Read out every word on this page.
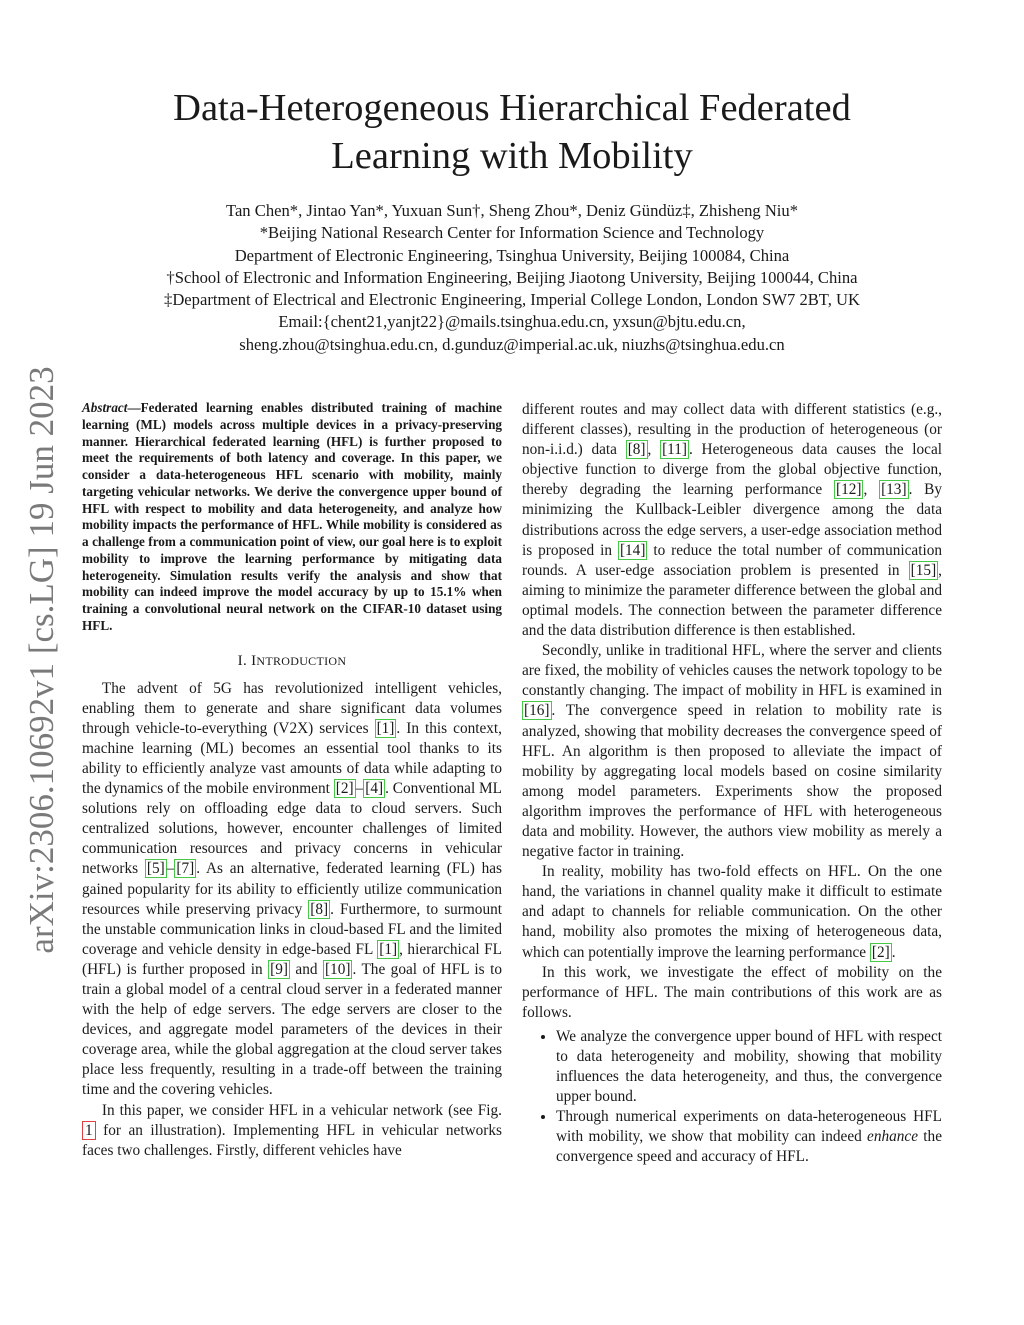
arXiv:2306.10692v1 [cs.LG] 19 Jun 2023
Data-Heterogeneous Hierarchical Federated
Learning with Mobility
Tan Chen*, Jintao Yan*, Yuxuan Sun†, Sheng Zhou*, Deniz Gündüz‡, Zhisheng Niu*
*Beijing National Research Center for Information Science and Technology
Department of Electronic Engineering, Tsinghua University, Beijing 100084, China
†School of Electronic and Information Engineering, Beijing Jiaotong University, Beijing 100044, China
‡Department of Electrical and Electronic Engineering, Imperial College London, London SW7 2BT, UK
Email:{chent21,yanjt22}@mails.tsinghua.edu.cn, yxsun@bjtu.edu.cn,
sheng.zhou@tsinghua.edu.cn, d.gunduz@imperial.ac.uk, niuzhs@tsinghua.edu.cn
Abstract—Federated learning enables distributed training of machine learning (ML) models across multiple devices in a privacy-preserving manner. Hierarchical federated learning (HFL) is further proposed to meet the requirements of both latency and coverage. In this paper, we consider a data-heterogeneous HFL scenario with mobility, mainly targeting vehicular networks. We derive the convergence upper bound of HFL with respect to mobility and data heterogeneity, and analyze how mobility impacts the performance of HFL. While mobility is considered as a challenge from a communication point of view, our goal here is to exploit mobility to improve the learning performance by mitigating data heterogeneity. Simulation results verify the analysis and show that mobility can indeed improve the model accuracy by up to 15.1% when training a convolutional neural network on the CIFAR-10 dataset using HFL.
I. INTRODUCTION

The advent of 5G has revolutionized intelligent vehicles, enabling them to generate and share significant data volumes through vehicle-to-everything (V2X) services [1] . In this context, machine learning (ML) becomes an essential tool thanks to its ability to efficiently analyze vast amounts of data while adapting to the dynamics of the mobile environment [2] – [4] . Conventional ML solutions rely on offloading edge data to cloud servers. Such centralized solutions, however, encounter challenges of limited communication resources and privacy concerns in vehicular networks [5] – [7] . As an alternative, federated learning (FL) has gained popularity for its ability to efficiently utilize communication resources while preserving privacy [8] . Furthermore, to surmount the unstable communication links in cloud-based FL and the limited coverage and vehicle density in edge-based FL [1] , hierarchical FL (HFL) is further proposed in [9] and [10] . The goal of HFL is to train a global model of a central cloud server in a federated manner with the help of edge servers. The edge servers are closer to the devices, and aggregate model parameters of the devices in their coverage area, while the global aggregation at the cloud server takes place less frequently, resulting in a trade-off between the training time and the covering vehicles.

In this paper, we consider HFL in a vehicular network (see Fig. 1 for an illustration). Implementing HFL in vehicular networks faces two challenges. Firstly, different vehicles have

different routes and may collect data with different statistics (e.g., different classes), resulting in the production of heterogeneous (or non-i.i.d.) data [8] , [11] . Heterogeneous data causes the local objective function to diverge from the global objective function, thereby degrading the learning performance [12] , [13] . By minimizing the Kullback-Leibler divergence among the data distributions across the edge servers, a user-edge association method is proposed in [14] to reduce the total number of communication rounds. A user-edge association problem is presented in [15] , aiming to minimize the parameter difference between the global and optimal models. The connection between the parameter difference and the data distribution difference is then established.

Secondly, unlike in traditional HFL, where the server and clients are fixed, the mobility of vehicles causes the network topology to be constantly changing. The impact of mobility in HFL is examined in [16] . The convergence speed in relation to mobility rate is analyzed, showing that mobility decreases the convergence speed of HFL. An algorithm is then proposed to alleviate the impact of mobility by aggregating local models based on cosine similarity among model parameters. Experiments show the proposed algorithm improves the performance of HFL with heterogeneous data and mobility. However, the authors view mobility as merely a negative factor in training.

In reality, mobility has two-fold effects on HFL. On the one hand, the variations in channel quality make it difficult to estimate and adapt to channels for reliable communication. On the other hand, mobility also promotes the mixing of heterogeneous data, which can potentially improve the learning performance [2] .

In this work, we investigate the effect of mobility on the performance of HFL. The main contributions of this work are as follows.

• We analyze the convergence upper bound of HFL with respect to data heterogeneity and mobility, showing that mobility influences the data heterogeneity, and thus, the convergence upper bound.
• Through numerical experiments on data-heterogeneous HFL with mobility, we show that mobility can indeed enhance the convergence speed and accuracy of HFL.
